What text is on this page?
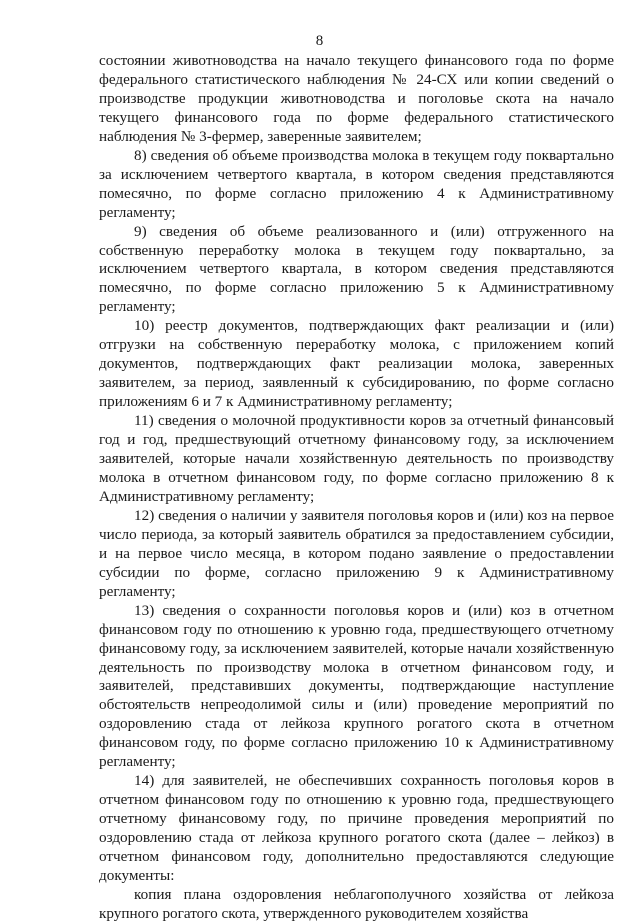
8

состоянии животноводства на начало текущего финансового года по форме федерального статистического наблюдения № 24-СХ или копии сведений о производстве продукции животноводства и поголовье скота на начало текущего финансового года по форме федерального статистического наблюдения № 3-фермер, заверенные заявителем;

8) сведения об объеме производства молока в текущем году поквартально за исключением четвертого квартала, в котором сведения представляются помесячно, по форме согласно приложению 4 к Административному регламенту;

9) сведения об объеме реализованного и (или) отгруженного на собственную переработку молока в текущем году поквартально, за исключением четвертого квартала, в котором сведения представляются помесячно, по форме согласно приложению 5 к Административному регламенту;

10) реестр документов, подтверждающих факт реализации и (или) отгрузки на собственную переработку молока, с приложением копий документов, подтверждающих факт реализации молока, заверенных заявителем, за период, заявленный к субсидированию, по форме согласно приложениям 6 и 7 к Административному регламенту;

11) сведения о молочной продуктивности коров за отчетный финансовый год и год, предшествующий отчетному финансовому году, за исключением заявителей, которые начали хозяйственную деятельность по производству молока в отчетном финансовом году, по форме согласно приложению 8 к Административному регламенту;

12) сведения о наличии у заявителя поголовья коров и (или) коз на первое число периода, за который заявитель обратился за предоставлением субсидии, и на первое число месяца, в котором подано заявление о предоставлении субсидии по форме, согласно приложению 9 к Административному регламенту;

13) сведения о сохранности поголовья коров и (или) коз в отчетном финансовом году по отношению к уровню года, предшествующего отчетному финансовому году, за исключением заявителей, которые начали хозяйственную деятельность по производству молока в отчетном финансовом году, и заявителей, представивших документы, подтверждающие наступление обстоятельств непреодолимой силы и (или) проведение мероприятий по оздоровлению стада от лейкоза крупного рогатого скота в отчетном финансовом году, по форме согласно приложению 10 к Административному регламенту;

14) для заявителей, не обеспечивших сохранность поголовья коров в отчетном финансовом году по отношению к уровню года, предшествующего отчетному финансовому году, по причине проведения мероприятий по оздоровлению стада от лейкоза крупного рогатого скота (далее – лейкоз) в отчетном финансовом году, дополнительно предоставляются следующие документы:

копия плана оздоровления неблагополучного хозяйства от лейкоза крупного рогатого скота, утвержденного руководителем хозяйства
